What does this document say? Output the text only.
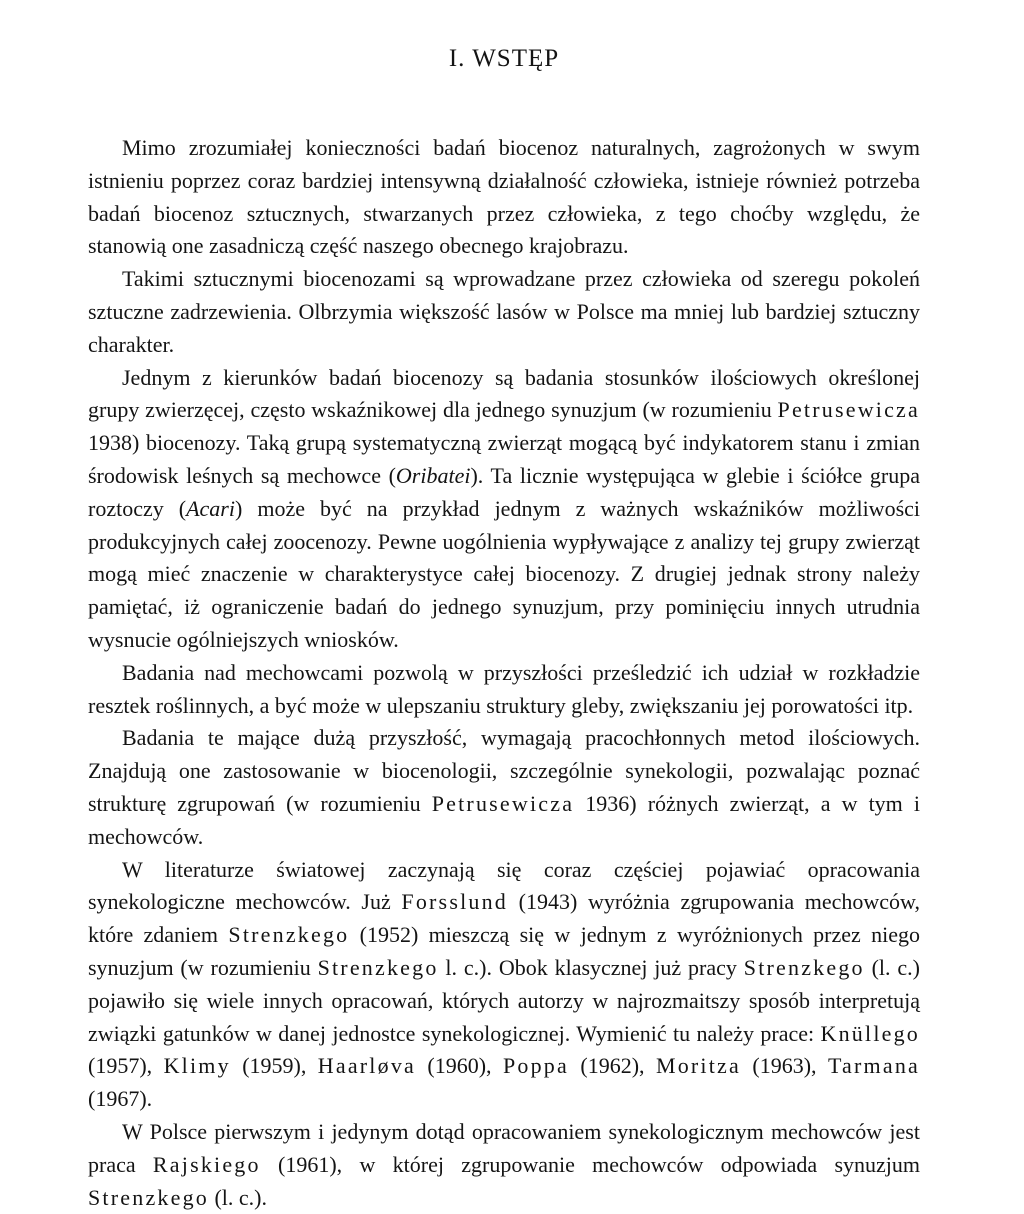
I. WSTĘP

Mimo zrozumiałej konieczności badań biocenoz naturalnych, zagrożonych w swym istnieniu poprzez coraz bardziej intensywną działalność człowieka, istnieje również potrzeba badań biocenoz sztucznych, stwarzanych przez człowieka, z tego choćby względu, że stanowią one zasadniczą część naszego obecnego krajobrazu.

Takimi sztucznymi biocenozami są wprowadzane przez człowieka od szeregu pokoleń sztuczne zadrzewienia. Olbrzymia większość lasów w Polsce ma mniej lub bardziej sztuczny charakter.

Jednym z kierunków badań biocenozy są badania stosunków ilościowych określonej grupy zwierzęcej, często wskaźnikowej dla jednego synuzjum (w rozumieniu Petrusewicza 1938) biocenozy. Taką grupą systematyczną zwierząt mogącą być indykatorem stanu i zmian środowisk leśnych są mechowce (Oribatei). Ta licznie występująca w glebie i ściółce grupa roztoczy (Acari) może być na przykład jednym z ważnych wskaźników możliwości produkcyjnych całej zoocenozy. Pewne uogólnienia wypływające z analizy tej grupy zwierząt mogą mieć znaczenie w charakterystyce całej biocenozy. Z drugiej jednak strony należy pamiętać, iż ograniczenie badań do jednego synuzjum, przy pominięciu innych utrudnia wysnucie ogólniejszych wniosków.

Badania nad mechowcami pozwolą w przyszłości prześledzić ich udział w rozkładzie resztek roślinnych, a być może w ulepszaniu struktury gleby, zwiększaniu jej porowatości itp.

Badania te mające dużą przyszłość, wymagają pracochłonnych metod ilościowych. Znajdują one zastosowanie w biocenologii, szczególnie synekologii, pozwalając poznać strukturę zgrupowań (w rozumieniu Petrusewicza 1936) różnych zwierząt, a w tym i mechowców.

W literaturze światowej zaczynają się coraz częściej pojawiać opracowania synekologiczne mechowców. Już Forsslund (1943) wyróżnia zgrupowania mechowców, które zdaniem Strenzkego (1952) mieszczą się w jednym z wyróżnionych przez niego synuzjum (w rozumieniu Strenzkego l. c.). Obok klasycznej już pracy Strenzkego (l. c.) pojawiło się wiele innych opracowań, których autorzy w najrozmaitszy sposób interpretują związki gatunków w danej jednostce synekologicznej. Wymienić tu należy prace: Knüllego (1957), Klimy (1959), Haarløva (1960), Poppa (1962), Moritza (1963), Tarmana (1967).

W Polsce pierwszym i jedynym dotąd opracowaniem synekologicznym mechowców jest praca Rajskiego (1961), w której zgrupowanie mechowców odpowiada synuzjum Strenzkego (l. c.).
